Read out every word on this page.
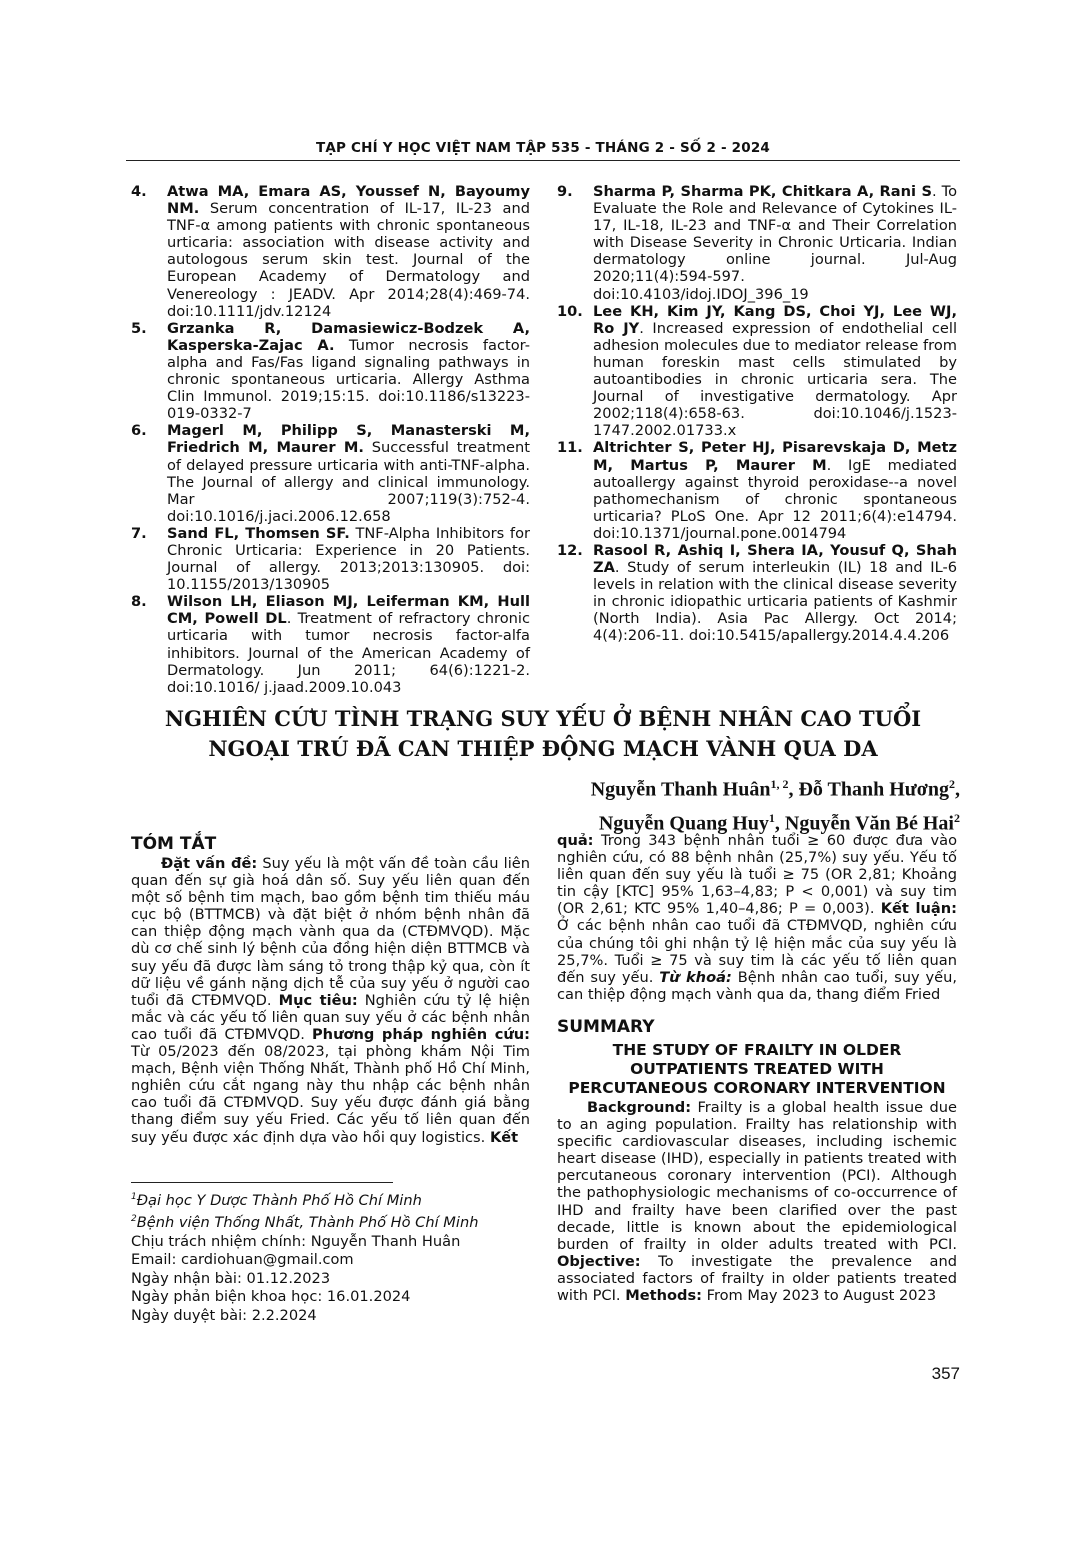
TẠP CHÍ Y HỌC VIỆT NAM TẬP 535 - THÁNG 2 - SỐ 2 - 2024

4. Atwa MA, Emara AS, Youssef N, Bayoumy NM. Serum concentration of IL-17, IL-23 and TNF-α among patients with chronic spontaneous urticaria: association with disease activity and autologous serum skin test. Journal of the European Academy of Dermatology and Venereology : JEADV. Apr 2014;28(4):469-74. doi:10.1111/jdv.12124

5. Grzanka R, Damasiewicz-Bodzek A, Kasperska-Zajac A. Tumor necrosis factor-alpha and Fas/Fas ligand signaling pathways in chronic spontaneous urticaria. Allergy Asthma Clin Immunol. 2019;15:15. doi:10.1186/s13223-019-0332-7

6. Magerl M, Philipp S, Manasterski M, Friedrich M, Maurer M. Successful treatment of delayed pressure urticaria with anti-TNF-alpha. The Journal of allergy and clinical immunology. Mar 2007;119(3):752-4. doi:10.1016/j.jaci.2006.12.658

7. Sand FL, Thomsen SF. TNF-Alpha Inhibitors for Chronic Urticaria: Experience in 20 Patients. Journal of allergy. 2013;2013:130905. doi: 10.1155/2013/130905

8. Wilson LH, Eliason MJ, Leiferman KM, Hull CM, Powell DL. Treatment of refractory chronic urticaria with tumor necrosis factor-alfa inhibitors. Journal of the American Academy of Dermatology. Jun 2011; 64(6):1221-2. doi:10.1016/ j.jaad.2009.10.043

9. Sharma P, Sharma PK, Chitkara A, Rani S. To Evaluate the Role and Relevance of Cytokines IL-17, IL-18, IL-23 and TNF-α and Their Correlation with Disease Severity in Chronic Urticaria. Indian dermatology online journal. Jul-Aug 2020;11(4):594-597. doi:10.4103/idoj.IDOJ_396_19

10. Lee KH, Kim JY, Kang DS, Choi YJ, Lee WJ, Ro JY. Increased expression of endothelial cell adhesion molecules due to mediator release from human foreskin mast cells stimulated by autoantibodies in chronic urticaria sera. The Journal of investigative dermatology. Apr 2002;118(4):658-63. doi:10.1046/j.1523-1747.2002.01733.x

11. Altrichter S, Peter HJ, Pisarevskaja D, Metz M, Martus P, Maurer M. IgE mediated autoallergy against thyroid peroxidase--a novel pathomechanism of chronic spontaneous urticaria? PLoS One. Apr 12 2011;6(4):e14794. doi:10.1371/journal.pone.0014794

12. Rasool R, Ashiq I, Shera IA, Yousuf Q, Shah ZA. Study of serum interleukin (IL) 18 and IL-6 levels in relation with the clinical disease severity in chronic idiopathic urticaria patients of Kashmir (North India). Asia Pac Allergy. Oct 2014; 4(4):206-11. doi:10.5415/apallergy.2014.4.4.206

NGHIÊN CỨU TÌNH TRẠNG SUY YẾU Ở BỆNH NHÂN CAO TUỔI NGOẠI TRÚ ĐÃ CAN THIỆP ĐỘNG MẠCH VÀNH QUA DA
Nguyễn Thanh Huân$^{1, 2}$, Đỗ Thanh Hương$^2$,
Nguyễn Quang Huy$^1$, Nguyễn Văn Bé Hai$^2$

TÓM TẮT

Đặt vấn đề: Suy yếu là một vấn đề toàn cầu liên quan đến sự già hoá dân số. Suy yếu liên quan đến một số bệnh tim mạch, bao gồm bệnh tim thiếu máu cục bộ (BTTMCB) và đặt biệt ở nhóm bệnh nhân đã can thiệp động mạch vành qua da (CTĐMVQD). Mặc dù cơ chế sinh lý bệnh của đồng hiện diện BTTMCB và suy yếu đã được làm sáng tỏ trong thập kỷ qua, còn ít dữ liệu về gánh nặng dịch tễ của suy yếu ở người cao tuổi đã CTĐMVQD. Mục tiêu: Nghiên cứu tỷ lệ hiện mắc và các yếu tố liên quan suy yếu ở các bệnh nhân cao tuổi đã CTĐMVQD. Phương pháp nghiên cứu: Từ 05/2023 đến 08/2023, tại phòng khám Nội Tim mạch, Bệnh viện Thống Nhất, Thành phố Hồ Chí Minh, nghiên cứu cắt ngang này thu nhập các bệnh nhân cao tuổi đã CTĐMVQD. Suy yếu được đánh giá bằng thang điểm suy yếu Fried. Các yếu tố liên quan đến suy yếu được xác định dựa vào hồi quy logistics. Kết

$^1$Đại học Y Dược Thành Phố Hồ Chí Minh
$^2$Bệnh viện Thống Nhất, Thành Phố Hồ Chí Minh
Chịu trách nhiệm chính: Nguyễn Thanh Huân
Email: cardiohuan@gmail.com
Ngày nhận bài: 01.12.2023
Ngày phản biện khoa học: 16.01.2024
Ngày duyệt bài: 2.2.2024

quả: Trong 343 bệnh nhân tuổi ≥ 60 được đưa vào nghiên cứu, có 88 bệnh nhân (25,7%) suy yếu. Yếu tố liên quan đến suy yếu là tuổi ≥ 75 (OR 2,81; Khoảng tin cậy [KTC] 95% 1,63–4,83; P < 0,001) và suy tim (OR 2,61; KTC 95% 1,40–4,86; P = 0,003). Kết luận: Ở các bệnh nhân cao tuổi đã CTĐMVQD, nghiên cứu của chúng tôi ghi nhận tỷ lệ hiện mắc của suy yếu là 25,7%. Tuổi ≥ 75 và suy tim là các yếu tố liên quan đến suy yếu. Từ khoá: Bệnh nhân cao tuổi, suy yếu, can thiệp động mạch vành qua da, thang điểm Fried

SUMMARY

THE STUDY OF FRAILTY IN OLDER OUTPATIENTS TREATED WITH PERCUTANEOUS CORONARY INTERVENTION

Background: Frailty is a global health issue due to an aging population. Frailty has relationship with specific cardiovascular diseases, including ischemic heart disease (IHD), especially in patients treated with percutaneous coronary intervention (PCI). Although the pathophysiologic mechanisms of co-occurrence of IHD and frailty have been clarified over the past decade, little is known about the epidemiological burden of frailty in older adults treated with PCI. Objective: To investigate the prevalence and associated factors of frailty in older patients treated with PCI. Methods: From May 2023 to August 2023

357
